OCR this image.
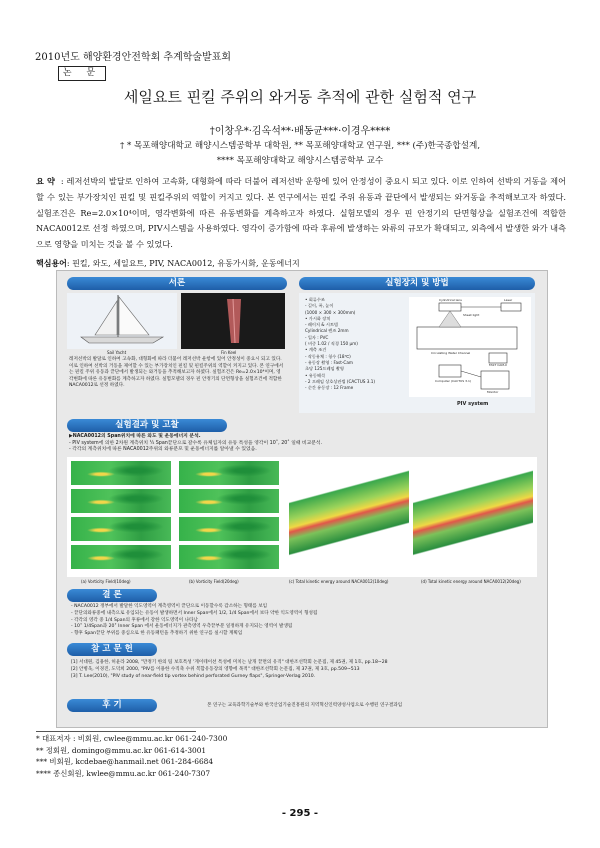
2010년도 해양환경안전학회 추계학술발표회
논 문
세일요트 핀킬 주위의 와거동 추적에 관한 실험적 연구
†이창우*·김옥석**·배동균***·이경우****
† * 목포해양대학교 해양시스템공학부 대학원, ** 목포해양대학교 연구원, *** (주)한국종합설계,
**** 목포해양대학교 해양시스템공학부 교수
요 약 : 레저선박의 발달로 인하여 고속화, 대형화에 따라 더불어 레저선박 운항에 있어 안정성이 중요시 되고 있다. 이로 인하여 선박의 거동을 제어할 수 있는 부가장치인 핀킬 및 핀킬주위의 역할이 커지고 있다. 본 연구에서는 핀킬 주위 유동과 끝단에서 발생되는 와거동을 추적해보고자 하였다. 실험조건은 Re=2.0×10⁴이며, 영각변화에 따른 유동변화를 계측하고자 하였다. 실험모델의 경우 핀 안정기의 단면형상을 실험조건에 적합한 NACA0012로 선정 하였으며, PIV시스템을 사용하였다. 영각이 증가함에 따라 후류에 발생하는 와류의 규모가 확대되고, 외측에서 발생한 와가 내측으로 영향을 미치는 것을 볼 수 있었다.
핵심용어: 핀킬, 와도, 세일요트, PIV, NACA0012, 유동가시화, 운동에너지
서론
Sail Yacht	Fin Keel
레저선박의 발달로 인하여 고속화, 대형화에 따라 더불어 레저선박 운항에 있어 안정성이 중요시 되고 있다. 이로 인하여 선박의 거동을 제어할 수 있는 부가장치인 핀킬 및 핀킬주위의 역할이 커지고 있다. 본 연구에서는 핀킬 주위 유동과 끝단에서 발생되는 와거동을 추적해보고자 하였다. 실험조건은 Re=2.0×10⁴이며, 영각변화에 따른 유동변화를 계측하고자 하였다. 실험모델의 경우 핀 안정기의 단면형상을 실험조건에 적합한 NACA0012로 선정 하였다.
실험장치 및 방법
• 회류수조
- 길이, 폭, 높이
(1000 × 300 × 300mm)
• 가시화 장치
- 레이저 & 시트빔
Cylindrical 렌즈 2mm
- 입자 : PVC
( 비중 1.02 / 직경 150 μm)
• 계측 조건
- 작동유체 : 청수 (18℃)
- 유동장 촬영 : Fast-Cam
초당 125프레임 촬영
• 유동해석
- 2 프레임 상호상관법 (CACTUS 3.1)
- 순간 유동장 : 12 Frame
Cylindrical lens
Sheet light
Laser
Circulating Water Channel
FAST CAM-X
Computer (CACTUS 3.1)
Monitor
PIV system
실험결과 및 고찰
▶NACA0012의 Span위치에 따른 와도 및 운동에너지 분석.
- PIV system에 의한 2차원 계측위치 ¼ Span끝단으로 갈수록 유체입자의 유동 특성을 영각이 10˚, 20˚ 일때 비교분석.
- 각각의 계측위치에 따른 NACA0012주위의 와류분포 및 운동에너지를 알아낼 수 있었음.
(a) Vorticity Field(10deg)	(b) Vorticity Field(20deg)	(c) Total kinetic energy around NACA0012(10deg)	(d) Total kinetic energy around NACA0012(20deg)
결 론
- NACA0012 정부에서 발달한 익도영역이 계측영역이 끝단으로 이동할수록 감소하는 형태를 보임
- 끝단의와류중에 내측으로 유입되는 유동이 발생하면서 Inner Span에서 1/2, 1/4 Span에서 보다 약한 익도영역이 형성됨
- 각각의 영각 중 1/4 Span의 후류에서 강한 익도영역이 나타남
- 10˚ 1/4Span과 20˚ Inner Span 에서 운동에너지가 관측영역 우측끝부분 일정하게 유지되는 영역이 발생됨
- 향후 Span끝단 부위를 중심으로 한 유동패턴을 추정하기 위한 연구를 실시할 계획임
참 고 문 헌
[1] 서대원, 김용한, 허윤라 2008, "만정기 한의 팀 보호특성 '게이테이션 특성에 미치는 날개 끝면의 유격" 대한조선학회 논문집, 제 45권, 제 1호, pp.18~28
[2] 안병욱, 이경진, 도덕희 2000, "PIV를 이용한 수직축 수위 복합유동장의 영향에 목적" 대한조선학회 논문집, 제 37권, 제 3호, pp.509~513
[3] T. Lee(2010), "PIV study of near-field tip vortex behind perforated Gurney flaps", Springer-Verlag 2010.
후 기	본 연구는 교육과학기술부와 한국산업기술진흥원의 지역혁신인력양성사업으로 수행된 연구결과임
* 대표저자 : 비회원, cwlee@mmu.ac.kr 061-240-7300
** 정회원, domingo@mmu.ac.kr 061-614-3001
*** 비회원, kcdebae@hanmail.net 061-284-6684
**** 종신회원, kwlee@mmu.ac.kr 061-240-7307
- 295 -
